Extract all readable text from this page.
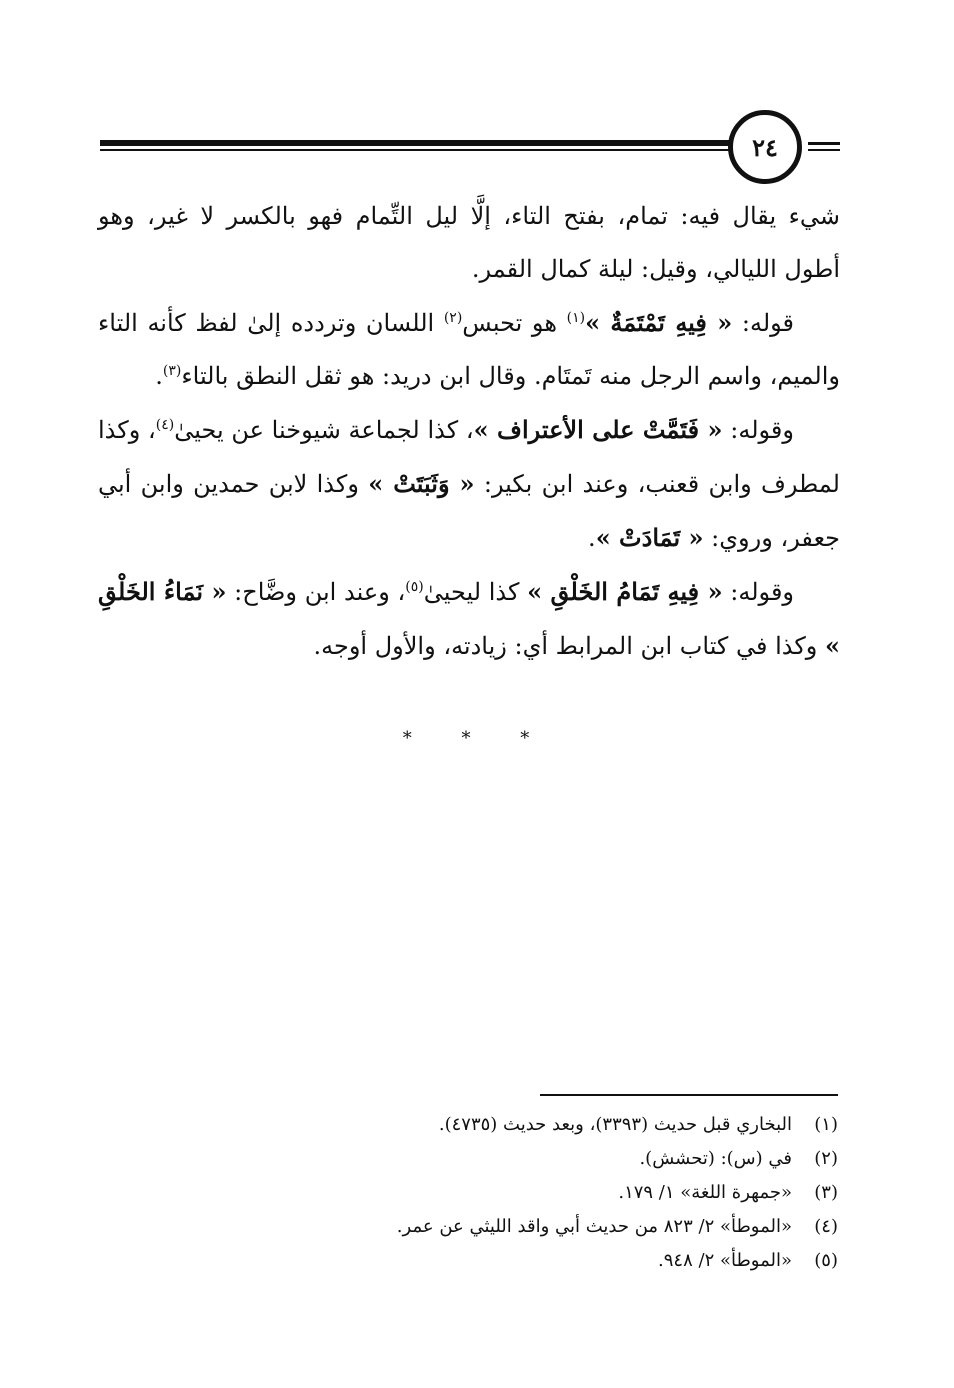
٢٤

شيء يقال فيه: تمام، بفتح التاء، إلَّا ليل التِّمام فهو بالكسر لا غير، وهو أطول الليالي، وقيل: ليلة كمال القمر.

قوله: « فِيهِ تَمْتَمَةٌ »$^{(١)}$ هو تحبس$^{(٢)}$ اللسان وتردده إلىٰ لفظ كأنه التاء والميم، واسم الرجل منه تَمتَام. وقال ابن دريد: هو ثقل النطق بالتاء$^{(٣)}$.

وقوله: « فَتَمَّتْ على الأعتراف »، كذا لجماعة شيوخنا عن يحيىٰ$^{(٤)}$، وكذا لمطرف وابن قعنب، وعند ابن بكير: « وَثَبَتَتْ » وكذا لابن حمدين وابن أبي جعفر، وروي: « تَمَادَتْ ».

وقوله: « فِيهِ تَمَامُ الخَلْقِ » كذا ليحيىٰ$^{(٥)}$، وعند ابن وضَّاح: « نَمَاءُ الخَلْقِ » وكذا في كتاب ابن المرابط أي: زيادته، والأول أوجه.

* * *
(١)
البخاري قبل حديث (٣٣٩٣)، وبعد حديث (٤٧٣٥).
(٢)
في (س): (تحشش).
(٣)
«جمهرة اللغة» ١/ ١٧٩.
(٤)
«الموطأ» ٢/ ٨٢٣ من حديث أبي واقد الليثي عن عمر.
(٥)
«الموطأ» ٢/ ٩٤٨.
